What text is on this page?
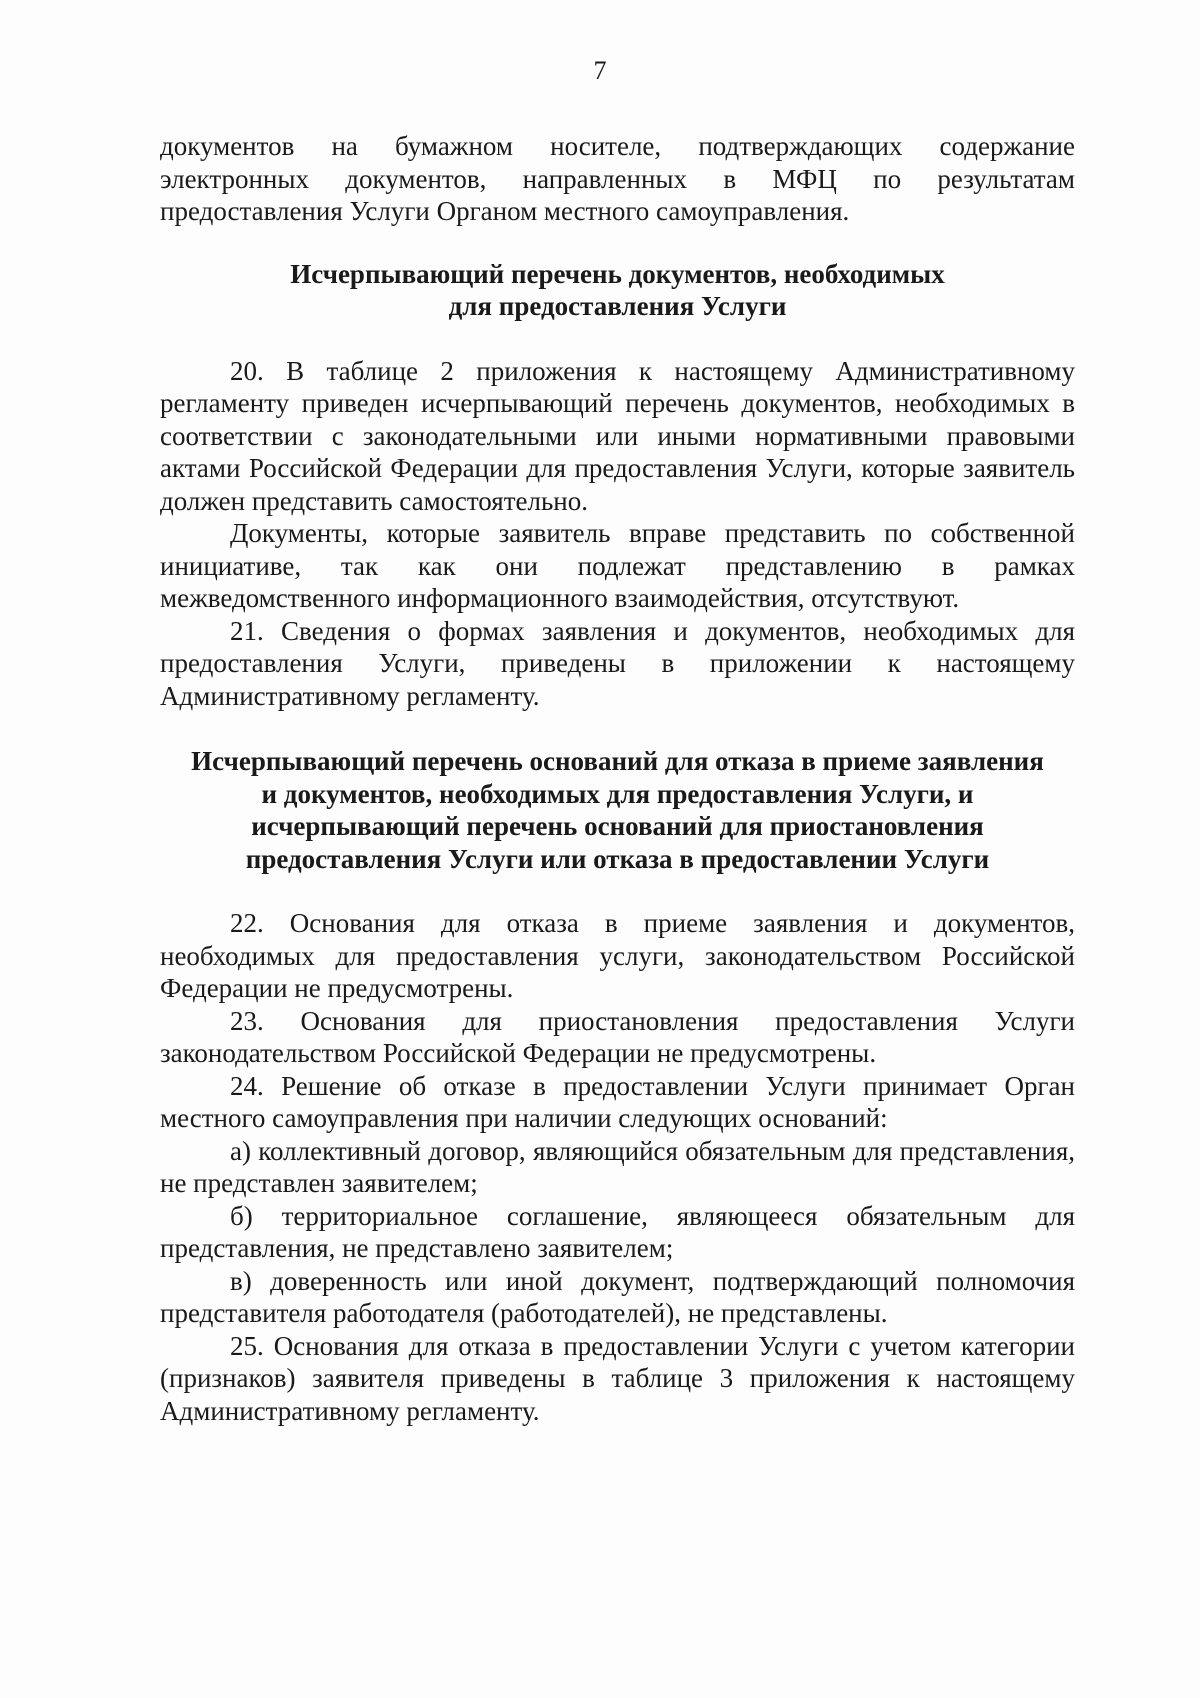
7

документов на бумажном носителе, подтверждающих содержание электронных документов, направленных в МФЦ по результатам предоставления Услуги Органом местного самоуправления.

Исчерпывающий перечень документов, необходимых

для предоставления Услуги

20. В таблице 2 приложения к настоящему Административному регламенту приведен исчерпывающий перечень документов, необходимых в соответствии с законодательными или иными нормативными правовыми актами Российской Федерации для предоставления Услуги, которые заявитель должен представить самостоятельно.

Документы, которые заявитель вправе представить по собственной инициативе, так как они подлежат представлению в рамках межведомственного информационного взаимодействия, отсутствуют.

21. Сведения о формах заявления и документов, необходимых для предоставления Услуги, приведены в приложении к настоящему Административному регламенту.

Исчерпывающий перечень оснований для отказа в приеме заявления

и документов, необходимых для предоставления Услуги, и

исчерпывающий перечень оснований для приостановления

предоставления Услуги или отказа в предоставлении Услуги

22. Основания для отказа в приеме заявления и документов, необходимых для предоставления услуги, законодательством Российской Федерации не предусмотрены.

23. Основания для приостановления предоставления Услуги законодательством Российской Федерации не предусмотрены.

24. Решение об отказе в предоставлении Услуги принимает Орган местного самоуправления при наличии следующих оснований:

а) коллективный договор, являющийся обязательным для представления, не представлен заявителем;

б) территориальное соглашение, являющееся обязательным для представления, не представлено заявителем;

в) доверенность или иной документ, подтверждающий полномочия представителя работодателя (работодателей), не представлены.

25. Основания для отказа в предоставлении Услуги с учетом категории (признаков) заявителя приведены в таблице 3 приложения к настоящему Административному регламенту.
